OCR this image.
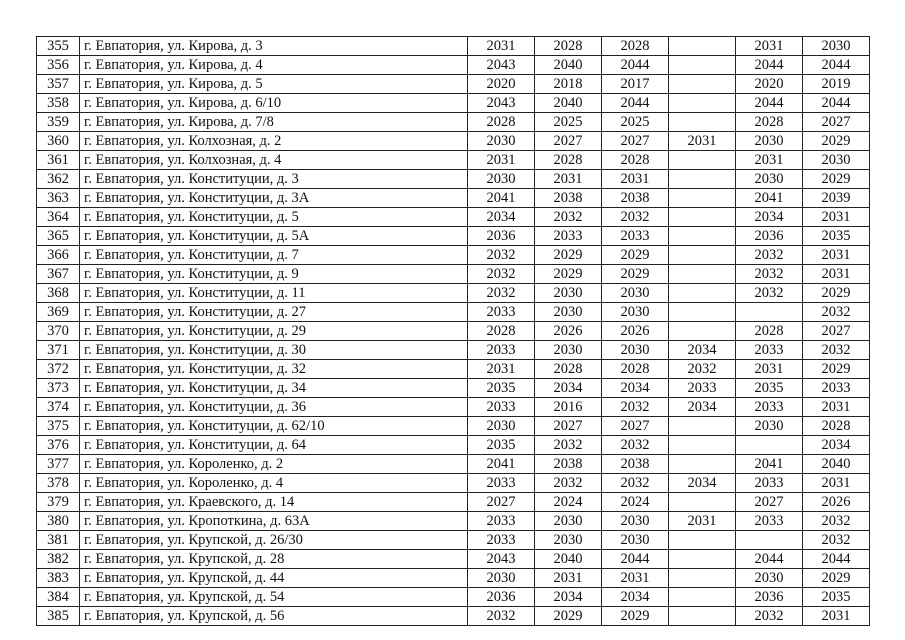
355	г. Евпатория, ул. Кирова, д. 3	2031	2028	2028		2031	2030
356	г. Евпатория, ул. Кирова, д. 4	2043	2040	2044		2044	2044
357	г. Евпатория, ул. Кирова, д. 5	2020	2018	2017		2020	2019
358	г. Евпатория, ул. Кирова, д. 6/10	2043	2040	2044		2044	2044
359	г. Евпатория, ул. Кирова, д. 7/8	2028	2025	2025		2028	2027
360	г. Евпатория, ул. Колхозная, д. 2	2030	2027	2027	2031	2030	2029
361	г. Евпатория, ул. Колхозная, д. 4	2031	2028	2028		2031	2030
362	г. Евпатория, ул. Конституции, д. 3	2030	2031	2031		2030	2029
363	г. Евпатория, ул. Конституции, д. 3А	2041	2038	2038		2041	2039
364	г. Евпатория, ул. Конституции, д. 5	2034	2032	2032		2034	2031
365	г. Евпатория, ул. Конституции, д. 5А	2036	2033	2033		2036	2035
366	г. Евпатория, ул. Конституции, д. 7	2032	2029	2029		2032	2031
367	г. Евпатория, ул. Конституции, д. 9	2032	2029	2029		2032	2031
368	г. Евпатория, ул. Конституции, д. 11	2032	2030	2030		2032	2029
369	г. Евпатория, ул. Конституции, д. 27	2033	2030	2030			2032
370	г. Евпатория, ул. Конституции, д. 29	2028	2026	2026		2028	2027
371	г. Евпатория, ул. Конституции, д. 30	2033	2030	2030	2034	2033	2032
372	г. Евпатория, ул. Конституции, д. 32	2031	2028	2028	2032	2031	2029
373	г. Евпатория, ул. Конституции, д. 34	2035	2034	2034	2033	2035	2033
374	г. Евпатория, ул. Конституции, д. 36	2033	2016	2032	2034	2033	2031
375	г. Евпатория, ул. Конституции, д. 62/10	2030	2027	2027		2030	2028
376	г. Евпатория, ул. Конституции, д. 64	2035	2032	2032			2034
377	г. Евпатория, ул. Короленко, д. 2	2041	2038	2038		2041	2040
378	г. Евпатория, ул. Короленко, д. 4	2033	2032	2032	2034	2033	2031
379	г. Евпатория, ул. Краевского, д. 14	2027	2024	2024		2027	2026
380	г. Евпатория, ул. Кропоткина, д. 63А	2033	2030	2030	2031	2033	2032
381	г. Евпатория, ул. Крупской, д. 26/30	2033	2030	2030			2032
382	г. Евпатория, ул. Крупской, д. 28	2043	2040	2044		2044	2044
383	г. Евпатория, ул. Крупской, д. 44	2030	2031	2031		2030	2029
384	г. Евпатория, ул. Крупской, д. 54	2036	2034	2034		2036	2035
385	г. Евпатория, ул. Крупской, д. 56	2032	2029	2029		2032	2031
